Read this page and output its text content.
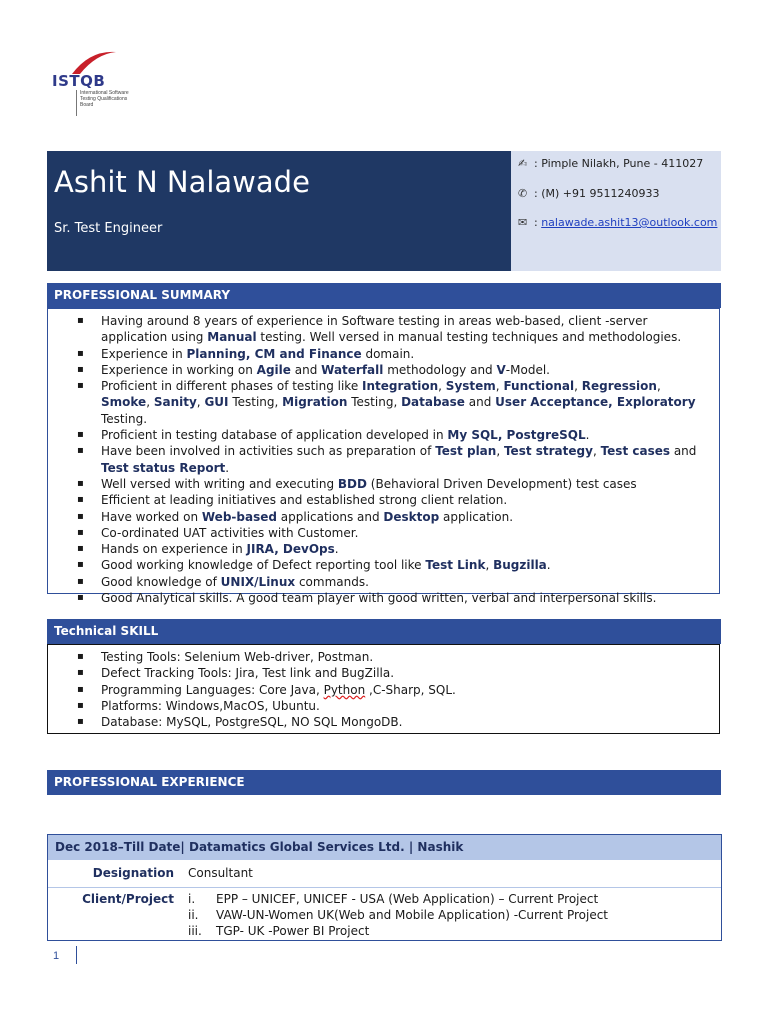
ISTQB
International Software Testing Qualifications Board
Ashit N Nalawade
Sr. Test Engineer
✍ : Pimple Nilakh, Pune - 411027
✆ : (M) +91 9511240933
✉ : nalawade.ashit13@outlook.com
PROFESSIONAL SUMMARY
▪ Having around 8 years of experience in Software testing in areas web-based, client -server application using Manual testing. Well versed in manual testing techniques and methodologies.
▪ Experience in Planning, CM and Finance domain.
▪ Experience in working on Agile and Waterfall methodology and V-Model.
▪ Proficient in different phases of testing like Integration, System, Functional, Regression, Smoke, Sanity, GUI Testing, Migration Testing, Database and User Acceptance, Exploratory Testing.
▪ Proficient in testing database of application developed in My SQL, PostgreSQL.
▪ Have been involved in activities such as preparation of Test plan, Test strategy, Test cases and Test status Report.
▪ Well versed with writing and executing BDD (Behavioral Driven Development) test cases
▪ Efficient at leading initiatives and established strong client relation.
▪ Have worked on Web-based applications and Desktop application.
▪ Co-ordinated UAT activities with Customer.
▪ Hands on experience in JIRA, DevOps.
▪ Good working knowledge of Defect reporting tool like Test Link, Bugzilla.
▪ Good knowledge of UNIX/Linux commands.
▪ Good Analytical skills. A good team player with good written, verbal and interpersonal skills.
Technical SKILL
▪ Testing Tools: Selenium Web-driver, Postman.
▪ Defect Tracking Tools: Jira, Test link and BugZilla.
▪ Programming Languages: Core Java, Python ,C-Sharp, SQL.
▪ Platforms: Windows,MacOS, Ubuntu.
▪ Database: MySQL, PostgreSQL, NO SQL MongoDB.
PROFESSIONAL EXPERIENCE
Dec 2018–Till Date| Datamatics Global Services Ltd. | Nashik
Designation Consultant
Client/Project i.	EPP – UNICEF, UNICEF - USA (Web Application) – Current Project
ii.	VAW-UN-Women UK(Web and Mobile Application) -Current Project
iii.	TGP- UK -Power BI Project
1
